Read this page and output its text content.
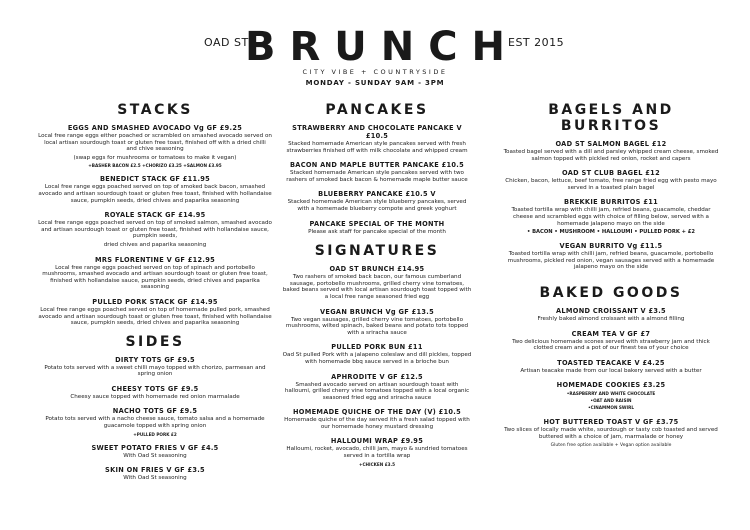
OAD ST
BRUNCH
EST 2015
CITY VIBE + COUNTRYSIDE
MONDAY - SUNDAY 9AM - 3PM
STACKS
EGGS AND SMASHED AVOCADO Vg GF £9.25
Local free range eggs either poached or scrambled on smashed avocado served on local artisan sourdough toast or gluten free toast, finished off with a dried chilli and chive seasoning
(swap eggs for mushrooms or tomatoes to make it vegan)
+BASHER BACON £2.5 +CHORIZO £3.25 +SALMON £3.95
BENEDICT STACK GF £11.95
Local free range eggs poached served on top of smoked back bacon, smashed avocado and artisan sourdough toast or gluten free toast, finished with hollandaise sauce, pumpkin seeds, dried chives and paparika seasoning
ROYALE STACK GF £14.95
Local free range eggs poached served on top of smoked salmon, smashed avocado and artisan sourdough toast or gluten free toast, finished with hollandaise sauce, pumpkin seeds,
dried chives and paparika seasoning
MRS FLORENTINE V GF £12.95
Local free range eggs poached served on top of spinach and portobello mushrooms, smashed avocado and artisan sourdough toast or gluten free toast, finished with hollandaise sauce, pumpkin seeds, dried chives and paparika seasoning
PULLED PORK STACK GF £14.95
Local free range eggs poached served on top of homemade pulled pork, smashed avocado and artisan sourdough toast or gluten free toast, finished with hollandaise sauce, pumpkin seeds, dried chives and paparika seasoning
SIDES
DIRTY TOTS GF £9.5
Potato tots served with a sweet chilli mayo topped with chorizo, parmesan and spring onion
CHEESY TOTS GF £9.5
Cheesy sauce topped with homemade red onion marmalade
NACHO TOTS GF £9.5
Potato tots served with a nacho cheese sauce, tomato salsa and a homemade guacamole topped with spring onion
+PULLED PORK £2
SWEET POTATO FRIES V GF £4.5
With Oad St seasoning
SKIN ON FRIES V GF £3.5
With Oad St seasoning
PANCAKES
STRAWBERRY AND CHOCOLATE PANCAKE V £10.5
Stacked homemade American style pancakes served with fresh strawberries finished off with milk chocolate and whipped cream
BACON AND MAPLE BUTTER PANCAKE £10.5
Stacked homemade American style pancakes served with two rashers of smoked back bacon & homemade maple butter sauce
BLUEBERRY PANCAKE £10.5 V
Stacked homemade American style blueberry pancakes, served with a homemade blueberry compote and greek yoghurt
PANCAKE SPECIAL OF THE MONTH
Please ask staff for pancake special of the month
SIGNATURES
OAD ST BRUNCH £14.95
Two rashers of smoked back bacon, our famous cumberland sausage, portobello mushrooms, grilled cherry vine tomatoes, baked beans served with local artisan sourdough toast topped with a local free range seasoned fried egg
VEGAN BRUNCH Vg GF £13.5
Two vegan sausages, grilled cherry vine tomatoes, portobello mushrooms, wilted spinach, baked beans and potato tots topped with a sriracha sauce
PULLED PORK BUN £11
Oad St pulled Pork with a jalapeno coleslaw and dill pickles, topped with homemade bbq sauce served in a brioche bun
APHRODITE V GF £12.5
Smashed avocado served on artisan sourdough toast with halloumi, grilled cherry vine tomatoes topped with a local organic seasoned fried egg and sriracha sauce
HOMEMADE QUICHE OF THE DAY (V) £10.5
Homemade quiche of the day served ith a fresh salad topped with our homemade honey mustard dressing
HALLOUMI WRAP £9.95
Halloumi, rocket, avocado, chilli jam, mayo & sundried tomatoes served in a tortilla wrap
+CHICKEN £3.5
BAGELS AND BURRITOS
OAD ST SALMON BAGEL £12
Toasted bagel served with a dill and parsley whipped cream cheese, smoked salmon topped with pickled red onion, rocket and capers
OAD ST CLUB BAGEL £12
Chicken, bacon, lettuce, beef tomato, free range fried egg with pesto mayo served in a toasted plain bagel
BREKKIE BURRITOS £11
Toasted tortilla wrap with chilli jam, refried beans, guacamole, cheddar cheese and scrambled eggs with choice of filling below, served with a homemade jalapeno mayo on the side
• BACON • MUSHROOM • HALLOUMI • PULLED PORK + £2
VEGAN BURRITO Vg £11.5
Toasted tortilla wrap with chilli jam, refried beans, guacamole, portobello mushrooms, pickled red onion, vegan sausages served with a homemade jalapeno mayo on the side
BAKED GOODS
ALMOND CROISSANT V £3.5
Freshly baked almond croissant with a almond filling
CREAM TEA V GF £7
Two delicious homemade scones served with strawberry jam and thick clotted cream and a pot of our finest tea of your choice
TOASTED TEACAKE V £4.25
Artisan teacake made from our local bakery served with a butter
HOMEMADE COOKIES £3.25
•RASPBERRY AND WHITE CHOCOLATE
•OAT AND RAISIN
•CINAMMON SWIRL
HOT BUTTERED TOAST V GF £3.75
Two slices of locally made white, sourdough or tasty cob toasted and served buttered with a choice of jam, marmalade or honey
Gluten free option available + Vegan option available
